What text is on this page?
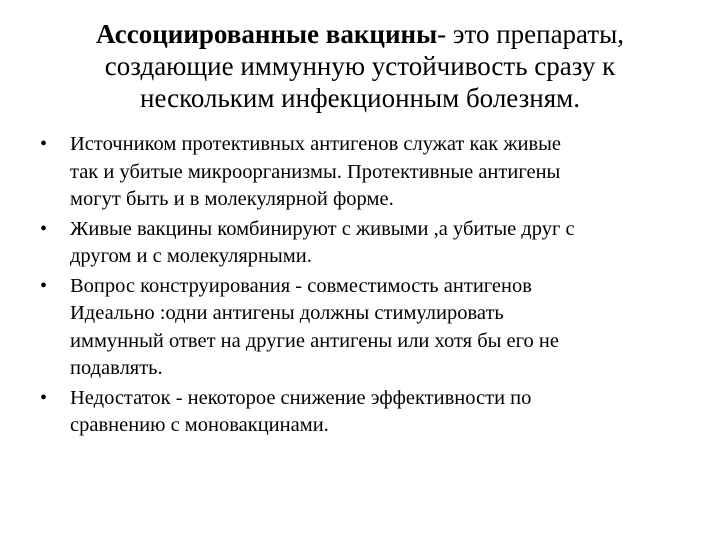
Ассоциированные вакцины- это препараты,
создающие иммунную устойчивость сразу к
нескольким инфекционным болезням.
• Источником протективных антигенов служат как живые
так и убитые микроорганизмы. Протективные антигены
могут быть и в молекулярной форме.
• Живые вакцины комбинируют с живыми ,а убитые друг с
другом и с молекулярными.
• Вопрос конструирования - совместимость антигенов
Идеально :одни антигены должны стимулировать
иммунный ответ на другие антигены или хотя бы его не
подавлять.
• Недостаток - некоторое снижение эффективности по
сравнению с моновакцинами.
